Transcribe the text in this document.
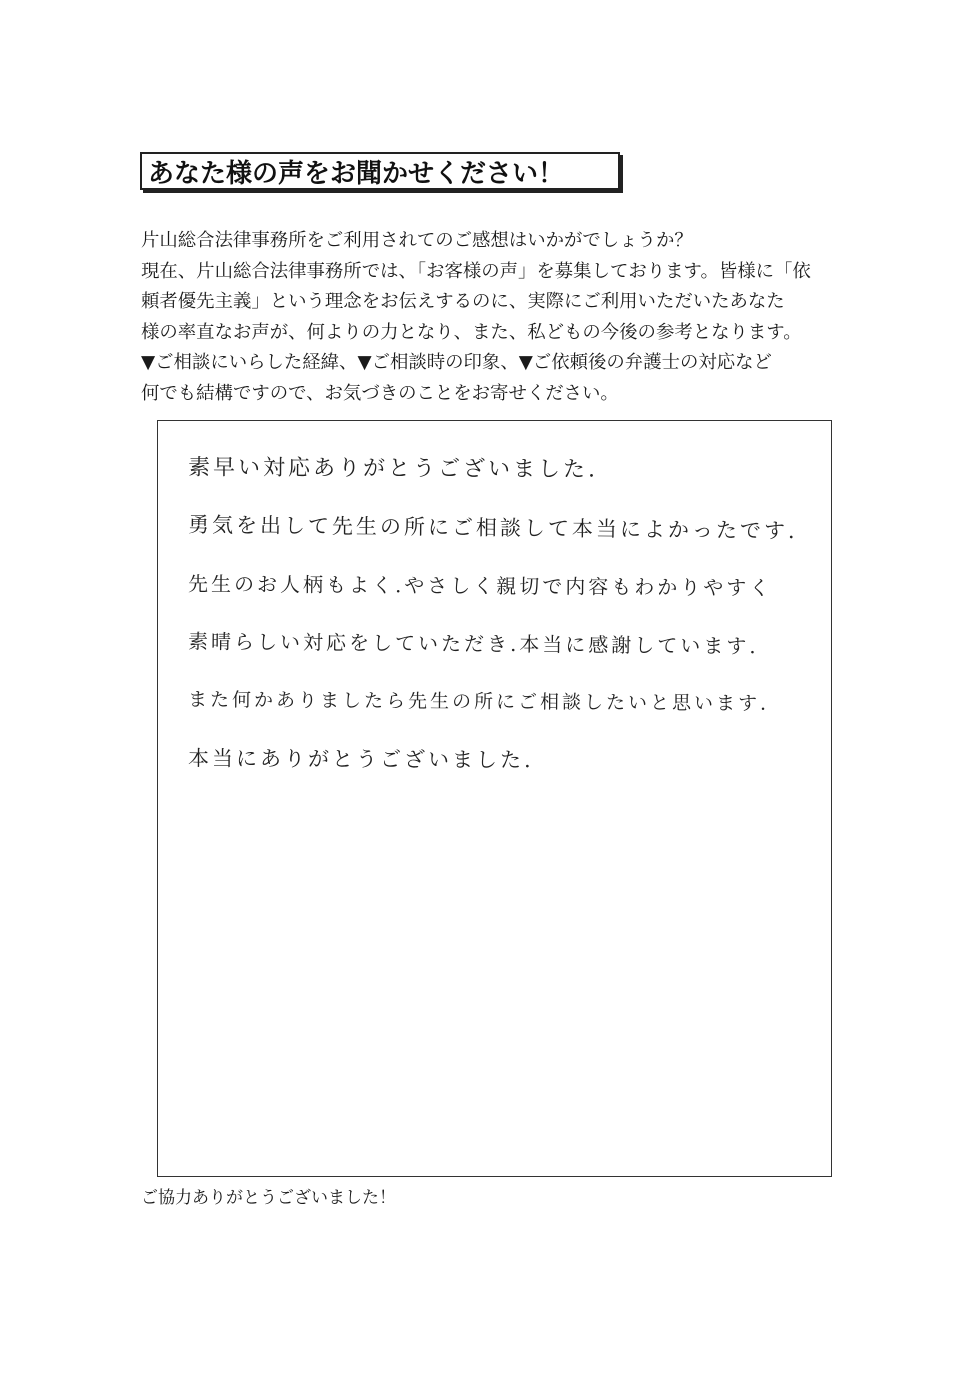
あなた様の声をお聞かせください！
片山総合法律事務所をご利用されてのご感想はいかがでしょうか？
現在、片山総合法律事務所では、「お客様の声」を募集しております。皆様に「依
頼者優先主義」という理念をお伝えするのに、実際にご利用いただいたあなた
様の率直なお声が、何よりの力となり、また、私どもの今後の参考となります。
▼ご相談にいらした経緯、▼ご相談時の印象、▼ご依頼後の弁護士の対応など
何でも結構ですので、お気づきのことをお寄せください。
素早い対応ありがとうございました.
勇気を出して先生の所にご相談して本当によかったです.
先生のお人柄もよく.やさしく親切で内容もわかりやすく
素晴らしい対応をしていただき.本当に感謝しています.
また何かありましたら先生の所にご相談したいと思います.
本当にありがとうございました.
ご協力ありがとうございました！
